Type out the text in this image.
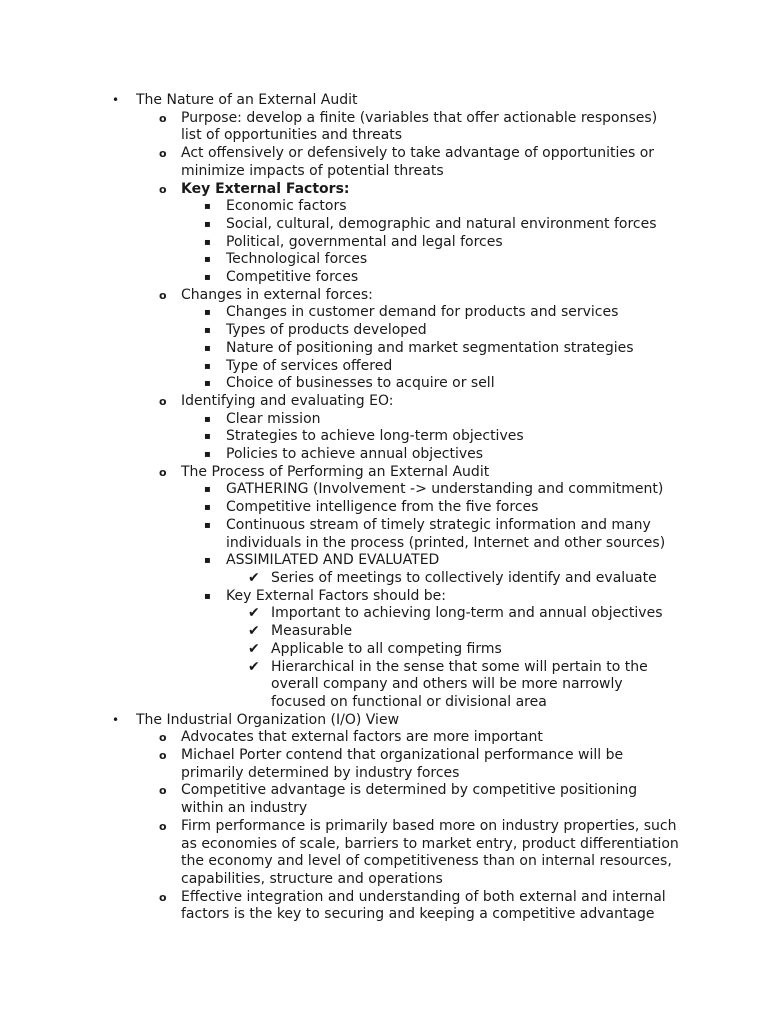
• The Nature of an External Audit
o Purpose: develop a finite (variables that offer actionable responses) list of opportunities and threats
o Act offensively or defensively to take advantage of opportunities or minimize impacts of potential threats
o Key External Factors:
▪ Economic factors
▪ Social, cultural, demographic and natural environment forces
▪ Political, governmental and legal forces
▪ Technological forces
▪ Competitive forces
o Changes in external forces:
▪ Changes in customer demand for products and services
▪ Types of products developed
▪ Nature of positioning and market segmentation strategies
▪ Type of services offered
▪ Choice of businesses to acquire or sell
o Identifying and evaluating EO:
▪ Clear mission
▪ Strategies to achieve long-term objectives
▪ Policies to achieve annual objectives
o The Process of Performing an External Audit
▪ GATHERING (Involvement -> understanding and commitment)
▪ Competitive intelligence from the five forces
▪ Continuous stream of timely strategic information and many individuals in the process (printed, Internet and other sources)
▪ ASSIMILATED AND EVALUATED
✔ Series of meetings to collectively identify and evaluate
▪ Key External Factors should be:
✔ Important to achieving long-term and annual objectives
✔ Measurable
✔ Applicable to all competing firms
✔ Hierarchical in the sense that some will pertain to the overall company and others will be more narrowly focused on functional or divisional area
• The Industrial Organization (I/O) View
o Advocates that external factors are more important
o Michael Porter contend that organizational performance will be primarily determined by industry forces
o Competitive advantage is determined by competitive positioning within an industry
o Firm performance is primarily based more on industry properties, such as economies of scale, barriers to market entry, product differentiation the economy and level of competitiveness than on internal resources, capabilities, structure and operations
o Effective integration and understanding of both external and internal factors is the key to securing and keeping a competitive advantage
